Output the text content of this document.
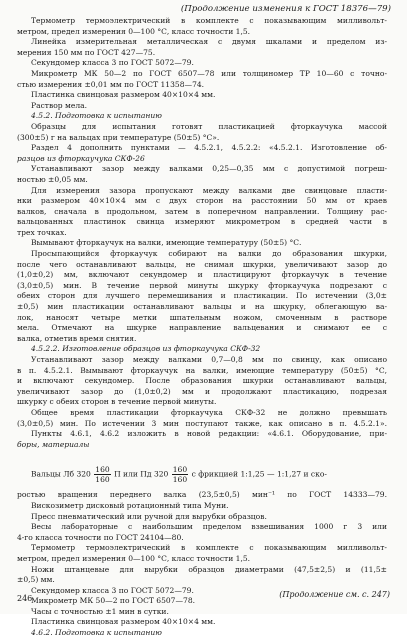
(Продолжение изменения к ГОСТ 18376—79)

Термометр термоэлектрический в комплекте с показывающим милливольт-

метром, предел измерения 0—100 °С, класс точности 1,5.

Линейка измерительная металлическая с двумя шкалами и пределом из-

мерения 150 мм по ГОСТ 427—75.

Секундомер класса 3 по ГОСТ 5072—79.

Микрометр МК 50—2 по ГОСТ 6507—78 или толщиномер ТР 10—60 с точно-

стью измерения ±0,01 мм по ГОСТ 11358—74.

Пластинка свинцовая размером 40×10×4 мм.

Раствор мела.

4.5.2. Подготовка к испытанию

Образцы для испытания готовят пластикацией фторкаучука массой

(300±5) г на вальцах при температуре (50±5) °С».

Раздел 4 дополнить пунктами — 4.5.2.1, 4.5.2.2: «4.5.2.1. Изготовление об-

разцов из фторкаучука СКФ-26

Устанавливают зазор между валками 0,25—0,35 мм с допустимой погреш-

ностью ±0,05 мм.

Для измерения зазора пропускают между валками две свинцовые пласти-

нки размером 40×10×4 мм с двух сторон на расстоянии 50 мм от краев

валков, сначала в продольном, затем в поперечном направлении. Толщину рас-

вальцованных пластинок свинца измеряют микрометром в средней части в

трех точках.

Вымывают фторкаучук на валки, имеющие температуру (50±5) °С.

Просыпающийся фторкаучук собирают на валки до образования шкурки,

после чего останавливают вальцы, не снимая шкурки, увеличивают зазор до

(1,0±0,2) мм, включают секундомер и пластицируют фторкаучук в течение

(3,0±0,5) мин. В течение первой минуты шкурку фторкаучука подрезают с

обеих сторон для лучшего перемешивания и пластикации. По истечении (3,0±

±0,5) мин пластикации останавливают вальцы и на шкурку, облегающую ва-

лок, наносят четыре метки шпательным ножом, смоченным в растворе

мела. Отмечают на шкурке направление вальцевания и снимают ее с

валка, отметив время снятия.

4.5.2.2. Изготовление образцов из фторкаучука СКФ-32

Устанавливают зазор между валками 0,7—0,8 мм по свинцу, как описано

в п. 4.5.2.1. Вымывают фторкаучук на валки, имеющие температуру (50±5) °С,

и включают секундомер. После образования шкурки останавливают вальцы,

увеличивают зазор до (1,0±0,2) мм и продолжают пластикацию, подрезая

шкурку с обеих сторон в течение первой минуты.

Общее время пластикации фторкаучука СКФ-32 не должно превышать

(3,0±0,5) мин. По истечении 3 мин поступают также, как описано в п. 4.5.2.1».

Пункты 4.6.1, 4.6.2 изложить в новой редакции: «4.6.1. Оборудование, при-

боры, материалы

Вальцы Лб $320 \frac{160}{160}$ П или Пд $320 \frac{160}{160}$ с фрикцией 1:1,25 — 1:1,27 и ско-

ростью вращения переднего валка (23,5±0,5) мин⁻¹ по ГОСТ 14333—79.

Вискозиметр дисковый ротационный типа Муни.

Пресс пневматический или ручной для вырубки образцов.

Весы лабораторные с наибольшим пределом взвешивания 1000 г 3 или

4-го класса точности по ГОСТ 24104—80.

Термометр термоэлектрический в комплекте с показывающим милливольт-

метром, предел измерения 0—100 °С, класс точности 1,5.

Ножи штанцевые для вырубки образцов диаметрами (47,5±2,5) и (11,5±

±0,5) мм.

Секундомер класса 3 по ГОСТ 5072—79.

Микрометр МК 50—2 по ГОСТ 6507—78.

Часы с точностью ±1 мин в сутки.

Пластинка свинцовая размером 40×10×4 мм.

4.6.2. Подготовка к испытанию

246	(Продолжение см. с. 247)
